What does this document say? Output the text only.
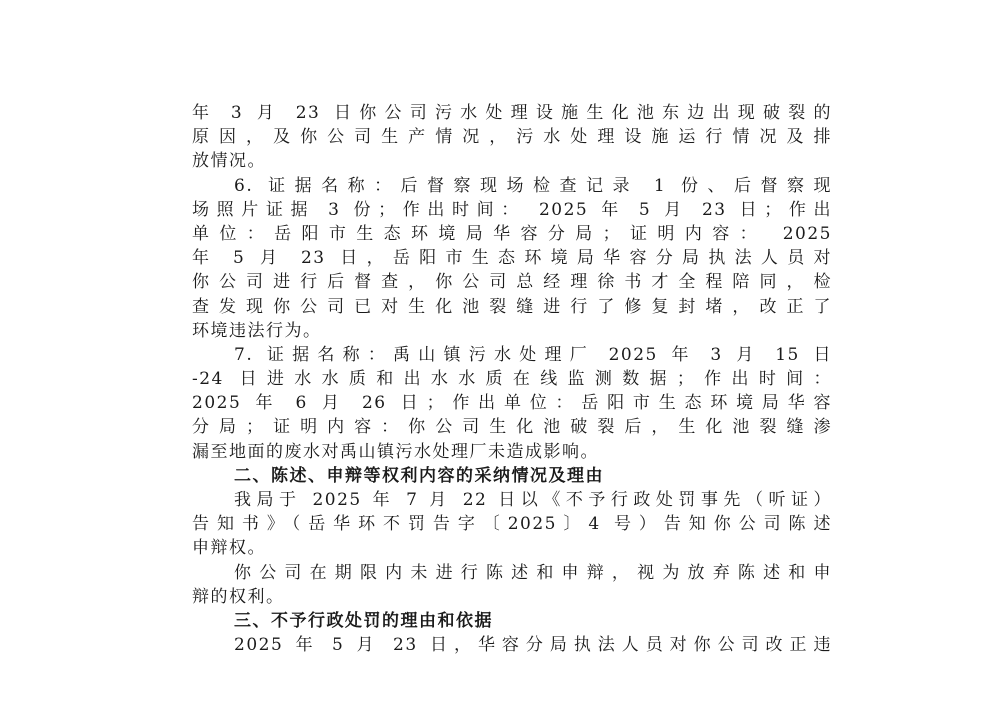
年 3 月 23 日你公司污水处理设施生化池东边出现破裂的
原因，及你公司生产情况，污水处理设施运行情况及排
放情况。
6. 证据名称：后督察现场检查记录 1 份、后督察现
场照片证据 3 份；作出时间： 2025 年 5 月 23 日；作出
单位：岳阳市生态环境局华容分局；证明内容： 2025
年 5 月 23 日，岳阳市生态环境局华容分局执法人员对
你公司进行后督查，你公司总经理徐书才全程陪同，检
查发现你公司已对生化池裂缝进行了修复封堵，改正了
环境违法行为。
7. 证据名称：禹山镇污水处理厂 2025 年 3 月 15 日
-24 日进水水质和出水水质在线监测数据；作出时间：
2025 年 6 月 26 日；作出单位：岳阳市生态环境局华容
分局；证明内容：你公司生化池破裂后，生化池裂缝渗
漏至地面的废水对禹山镇污水处理厂未造成影响。
二、陈述、申辩等权利内容的采纳情况及理由
我局于 2025 年 7 月 22 日以《不予行政处罚事先（听证）
告知书》（岳华环不罚告字〔2025〕4 号）告知你公司陈述
申辩权。
你公司在期限内未进行陈述和申辩，视为放弃陈述和申
辩的权利。
三、不予行政处罚的理由和依据
2025 年 5 月 23 日，华容分局执法人员对你公司改正违
